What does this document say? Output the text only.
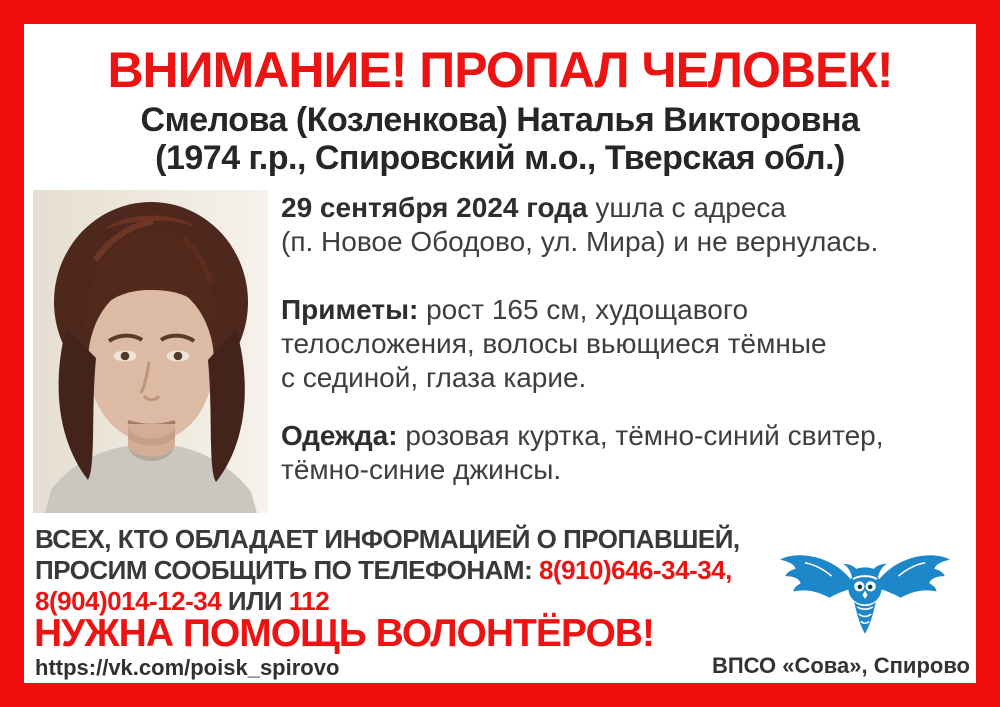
ВНИМАНИЕ! ПРОПАЛ ЧЕЛОВЕК!
Смелова (Козленкова) Наталья Викторовна
(1974 г.р., Спировский м.о., Тверская обл.)
29 сентября 2024 года ушла с адреса
(п. Новое Ободово, ул. Мира) и не вернулась.
Приметы: рост 165 см, худощавого
телосложения, волосы вьющиеся тёмные
с сединой, глаза карие.
Одежда: розовая куртка, тёмно-синий свитер,
тёмно-синие джинсы.
ВСЕХ, КТО ОБЛАДАЕТ ИНФОРМАЦИЕЙ О ПРОПАВШЕЙ,
ПРОСИМ СООБЩИТЬ ПО ТЕЛЕФОНАМ: 8(910)646-34-34,
8(904)014-12-34 ИЛИ 112
НУЖНА ПОМОЩЬ ВОЛОНТЁРОВ!
https://vk.com/poisk_spirovo	ВПСО «Сова», Спирово
